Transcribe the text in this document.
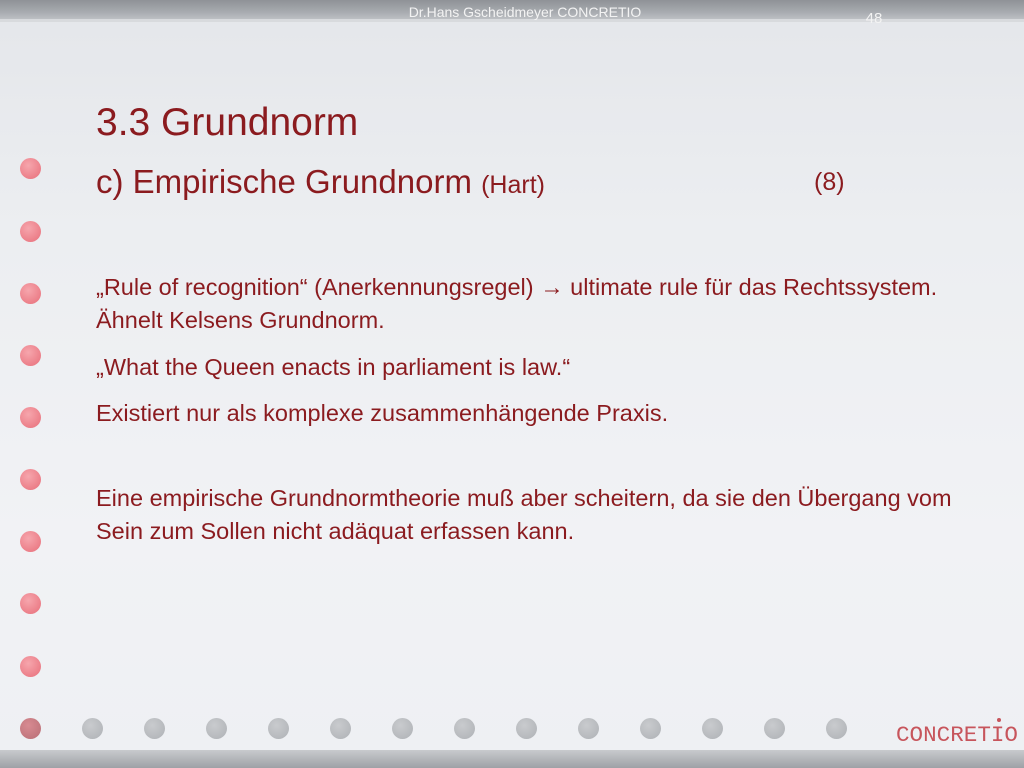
Dr.Hans Gscheidmeyer CONCRETIO	48
3.3 Grundnorm
c) Empirische Grundnorm (Hart)	(8)

„Rule of recognition“ (Anerkennungsregel) → ultimate rule für das Rechtssystem. Ähnelt Kelsens Grundnorm.

„What the Queen enacts in parliament is law.“

Existiert nur als komplexe zusammenhängende Praxis.

Eine empirische Grundnormtheorie muß aber scheitern, da sie den Übergang vom Sein zum Sollen nicht adäquat erfassen kann.

CONCRETIO
